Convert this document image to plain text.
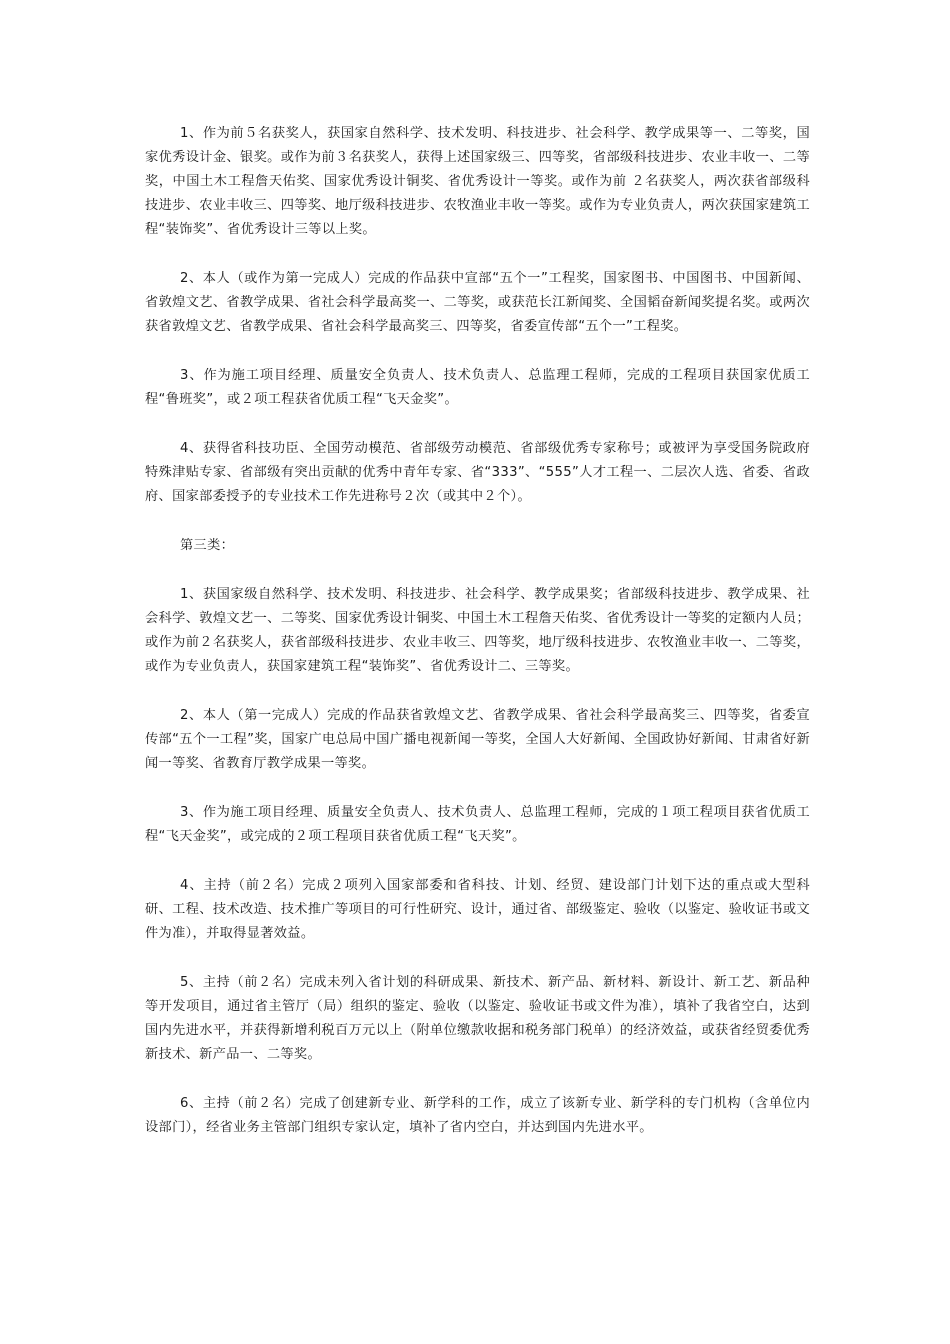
1、作为前５名获奖人，获国家自然科学、技术发明、科技进步、社会科学、教学成果等一、二等奖，国家优秀设计金、银奖。或作为前３名获奖人，获得上述国家级三、四等奖，省部级科技进步、农业丰收一、二等奖，中国土木工程詹天佑奖、国家优秀设计铜奖、省优秀设计一等奖。或作为前 ２名获奖人，两次获省部级科技进步、农业丰收三、四等奖、地厅级科技进步、农牧渔业丰收一等奖。或作为专业负责人，两次获国家建筑工程“装饰奖”、省优秀设计三等以上奖。

2、本人（或作为第一完成人）完成的作品获中宣部“五个一”工程奖，国家图书、中国图书、中国新闻、省敦煌文艺、省教学成果、省社会科学最高奖一、二等奖，或获范长江新闻奖、全国韬奋新闻奖提名奖。或两次获省敦煌文艺、省教学成果、省社会科学最高奖三、四等奖，省委宣传部“五个一”工程奖。

3、作为施工项目经理、质量安全负责人、技术负责人、总监理工程师，完成的工程项目获国家优质工程“鲁班奖”，或２项工程获省优质工程“飞天金奖”。

4、获得省科技功臣、全国劳动模范、省部级劳动模范、省部级优秀专家称号；或被评为享受国务院政府特殊津贴专家、省部级有突出贡献的优秀中青年专家、省“333”、“555”人才工程一、二层次人选、省委、省政府、国家部委授予的专业技术工作先进称号２次（或其中２个）。

第三类：

1、获国家级自然科学、技术发明、科技进步、社会科学、教学成果奖；省部级科技进步、教学成果、社会科学、敦煌文艺一、二等奖、国家优秀设计铜奖、中国土木工程詹天佑奖、省优秀设计一等奖的定额内人员；或作为前２名获奖人，获省部级科技进步、农业丰收三、四等奖，地厅级科技进步、农牧渔业丰收一、二等奖，或作为专业负责人，获国家建筑工程“装饰奖”、省优秀设计二、三等奖。

2、本人（第一完成人）完成的作品获省敦煌文艺、省教学成果、省社会科学最高奖三、四等奖，省委宣传部“五个一工程”奖，国家广电总局中国广播电视新闻一等奖，全国人大好新闻、全国政协好新闻、甘肃省好新闻一等奖、省教育厅教学成果一等奖。

3、作为施工项目经理、质量安全负责人、技术负责人、总监理工程师，完成的１项工程项目获省优质工程“飞天金奖”，或完成的２项工程项目获省优质工程“飞天奖”。

4、主持（前２名）完成２项列入国家部委和省科技、计划、经贸、建设部门计划下达的重点或大型科研、工程、技术改造、技术推广等项目的可行性研究、设计，通过省、部级鉴定、验收（以鉴定、验收证书或文件为准），并取得显著效益。

5、主持（前２名）完成未列入省计划的科研成果、新技术、新产品、新材料、新设计、新工艺、新品种等开发项目，通过省主管厅（局）组织的鉴定、验收（以鉴定、验收证书或文件为准），填补了我省空白，达到国内先进水平，并获得新增利税百万元以上（附单位缴款收据和税务部门税单）的经济效益，或获省经贸委优秀新技术、新产品一、二等奖。

6、主持（前２名）完成了创建新专业、新学科的工作，成立了该新专业、新学科的专门机构（含单位内设部门），经省业务主管部门组织专家认定，填补了省内空白，并达到国内先进水平。
